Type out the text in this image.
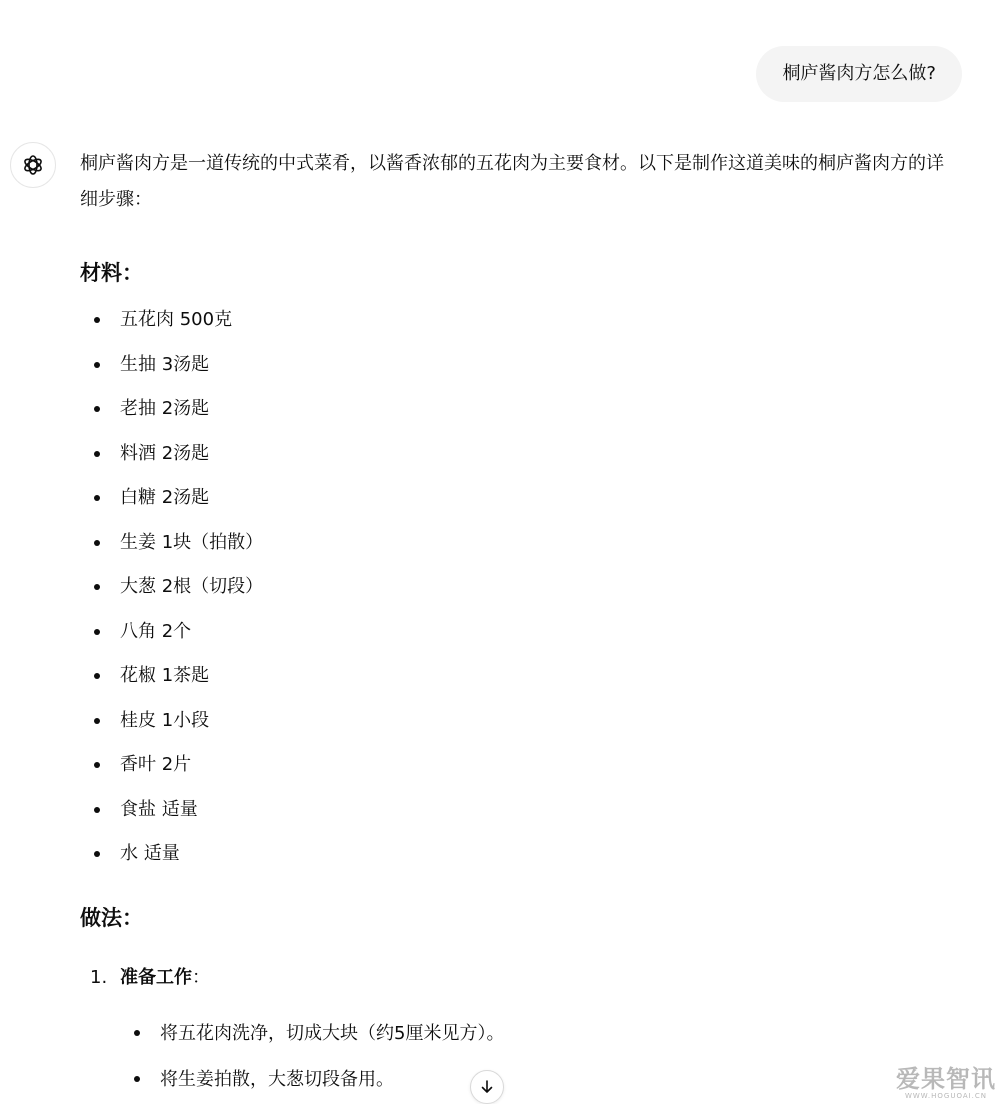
桐庐酱肉方怎么做?

桐庐酱肉方是一道传统的中式菜肴，以酱香浓郁的五花肉为主要食材。以下是制作这道美味的桐庐酱肉方的详细步骤：

材料：
五花肉 500克
生抽 3汤匙
老抽 2汤匙
料酒 2汤匙
白糖 2汤匙
生姜 1块（拍散）
大葱 2根（切段）
八角 2个
花椒 1茶匙
桂皮 1小段
香叶 2片
食盐 适量
水 适量
做法：
1. 准备工作：
将五花肉洗净，切成大块（约5厘米见方）。
将生姜拍散，大葱切段备用。	爱果智讯
WWW.HOGUOAI.CN
